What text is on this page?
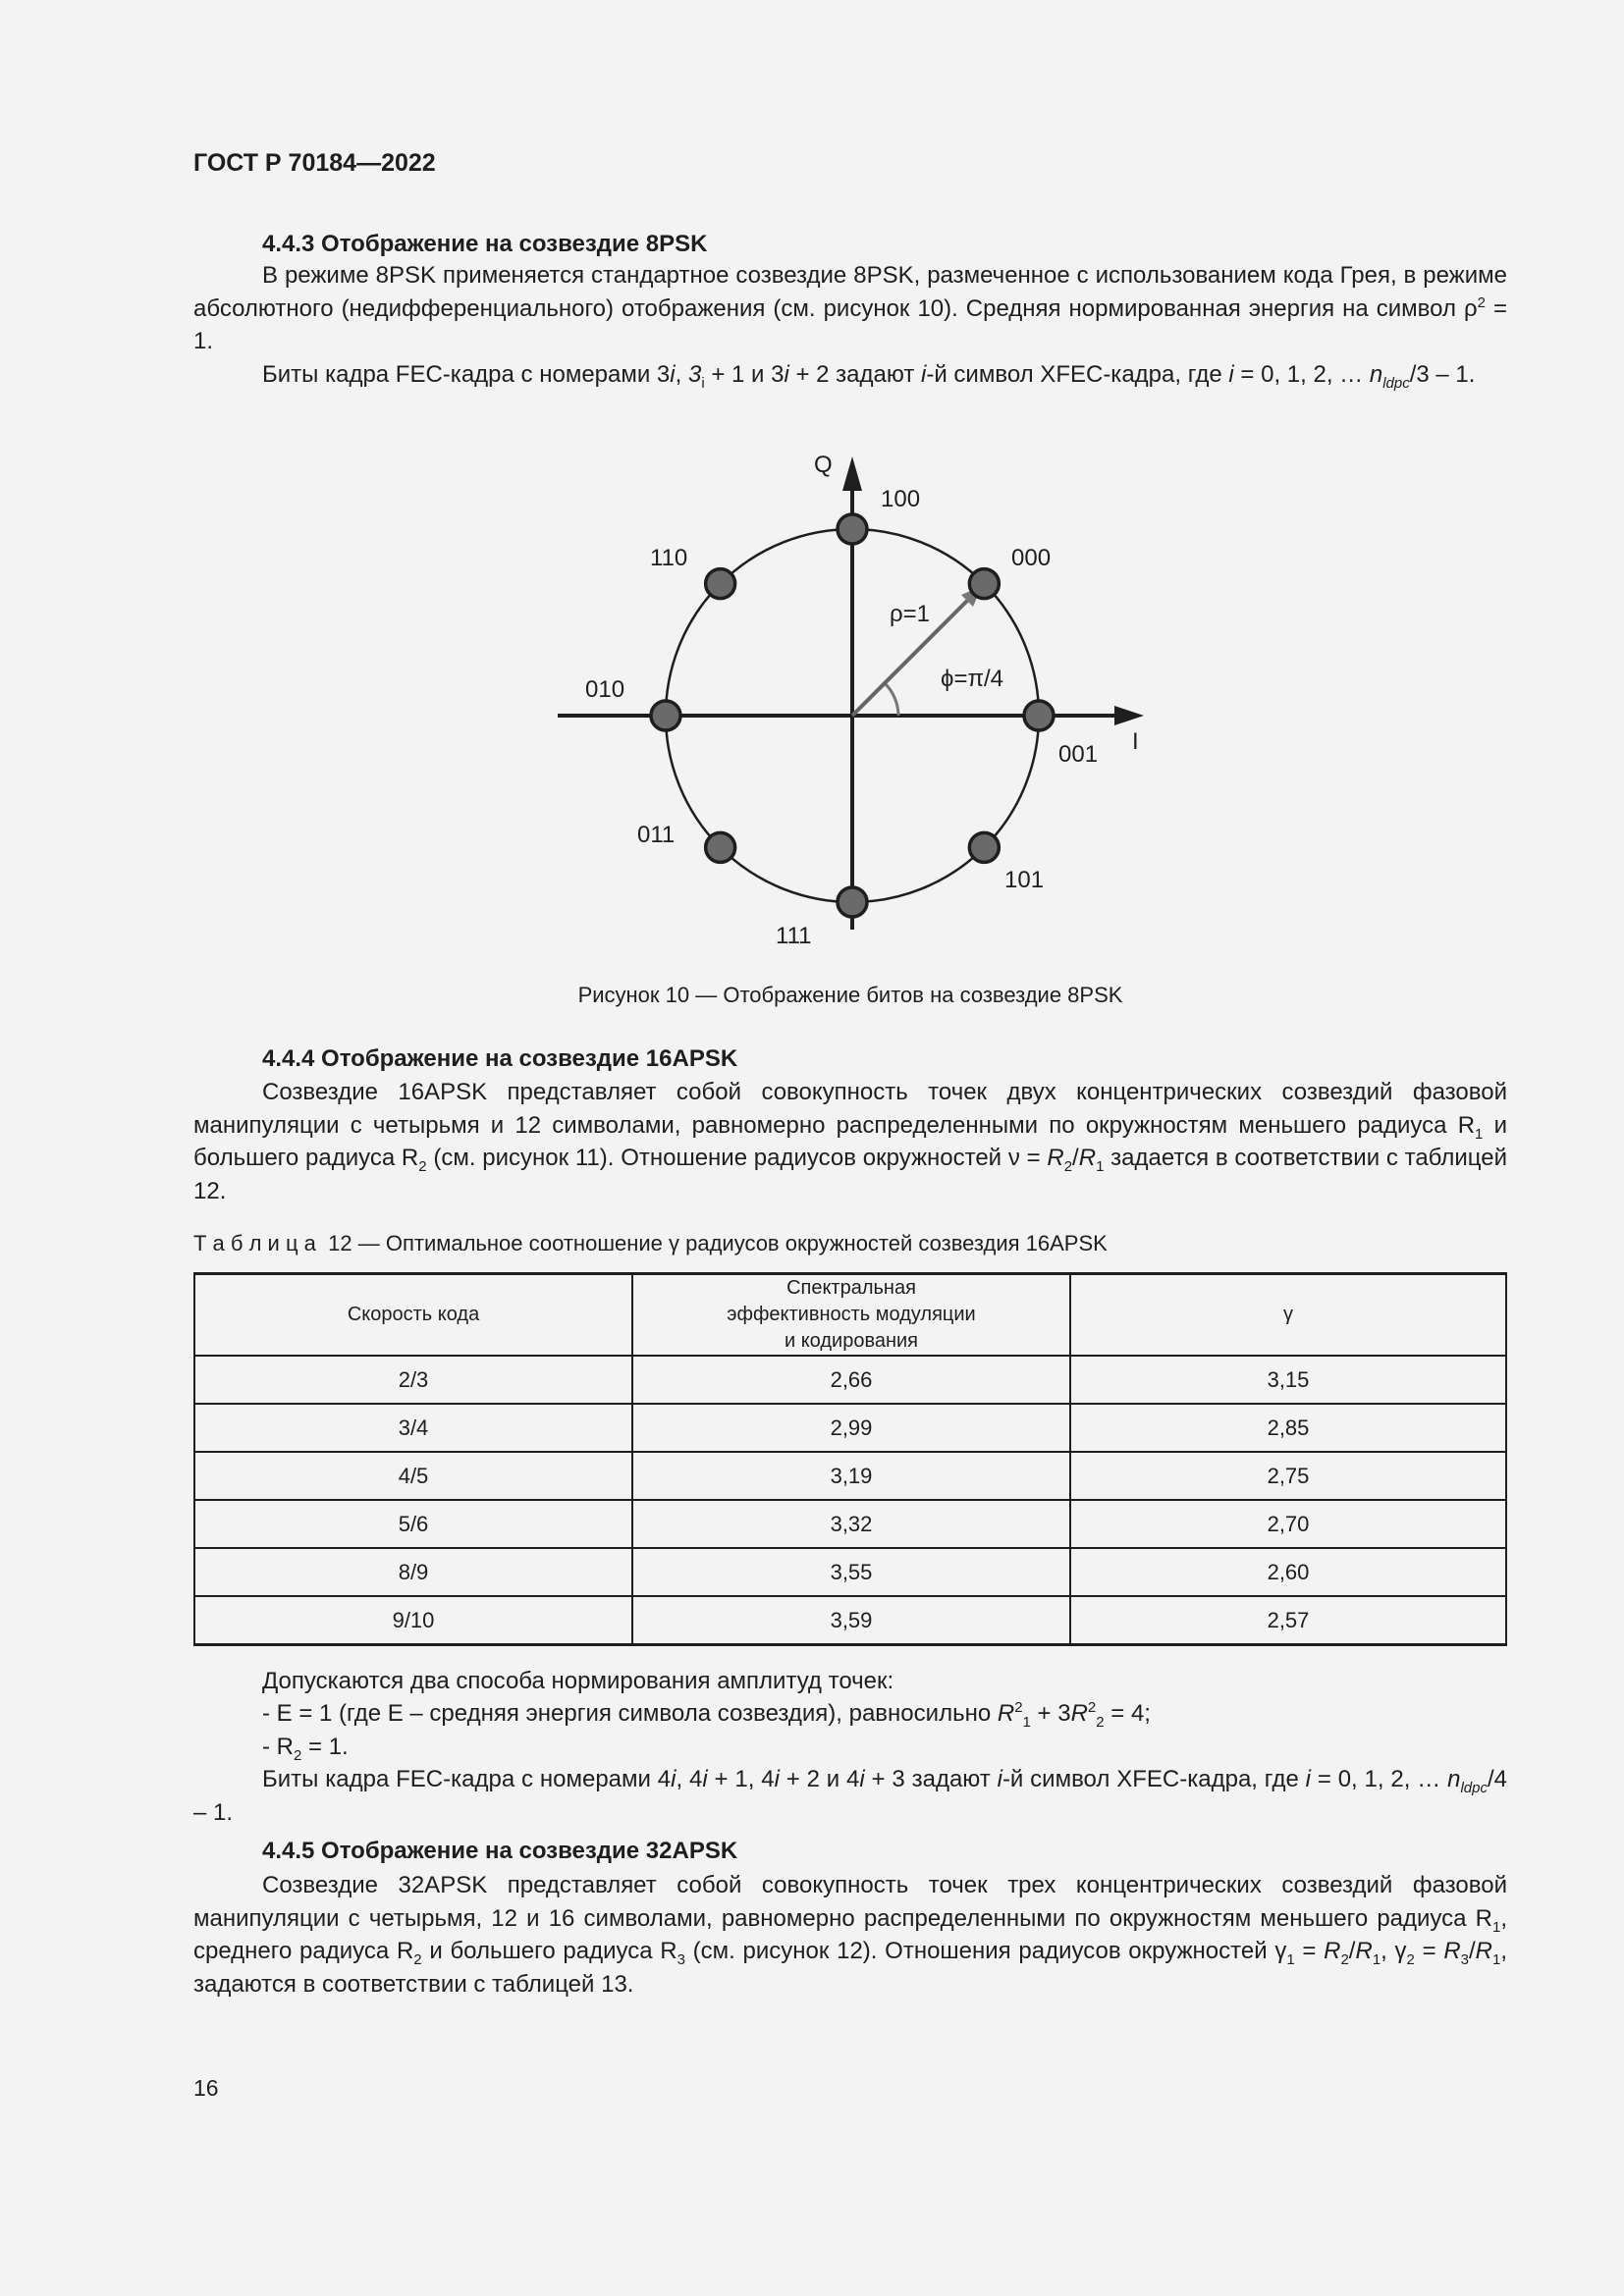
ГОСТ Р 70184—2022
4.4.3 Отображение на созвездие 8PSK

В режиме 8PSK применяется стандартное созвездие 8PSK, размеченное с использованием кода Грея, в режиме абсолютного (недифференциального) отображения (см. рисунок 10). Средняя нормированная энергия на символ $\rho^2 = 1$.

Биты кадра FEC-кадра с номерами 3i, $3_i + 1$ и 3i + 2 задают i-й символ XFEC-кадра, где i = 0, 1, 2, … $n_{ldpc}/3 - 1$.

Q
I
ρ=1
ϕ=π/4
001
000
100
110
010
011
111
101
Рисунок 10 — Отображение битов на созвездие 8PSK
4.4.4 Отображение на созвездие 16APSK

Созвездие 16APSK представляет собой совокупность точек двух концентрических созвездий фазовой манипуляции с четырьмя и 12 символами, равномерно распределенными по окружностям меньшего радиуса $R_1$ и большего радиуса $R_2$ (см. рисунок 11). Отношение радиусов окружностей $\nu = R_2/R_1$ задается в соответствии с таблицей 12.

Т а б л и ц а  12 — Оптимальное соотношение γ радиусов окружностей созвездия 16APSK
Скорость кода	Спектральная эффективность модуляции и кодирования	γ
2/3	2,66	3,15
3/4	2,99	2,85
4/5	3,19	2,75
5/6	3,32	2,70
8/9	3,55	2,60
9/10	3,59	2,57

Допускаются два способа нормирования амплитуд точек:

- E = 1 (где E – средняя энергия символа созвездия), равносильно $R^2_1 + 3R^2_2 = 4$;

- $R_2 = 1$.

Биты кадра FEC-кадра с номерами 4i, 4i + 1, 4i + 2 и 4i + 3 задают i-й символ XFEC-кадра, где i = 0, 1, 2, … $n_{ldpc}/4 - 1$.

4.4.5 Отображение на созвездие 32APSK

Созвездие 32APSK представляет собой совокупность точек трех концентрических созвездий фазовой манипуляции с четырьмя, 12 и 16 символами, равномерно распределенными по окружностям меньшего радиуса $R_1$, среднего радиуса $R_2$ и большего радиуса $R_3$ (см. рисунок 12). Отношения радиусов окружностей $\gamma_1 = R_2/R_1$, $\gamma_2 = R_3/R_1$, задаются в соответствии с таблицей 13.

16
